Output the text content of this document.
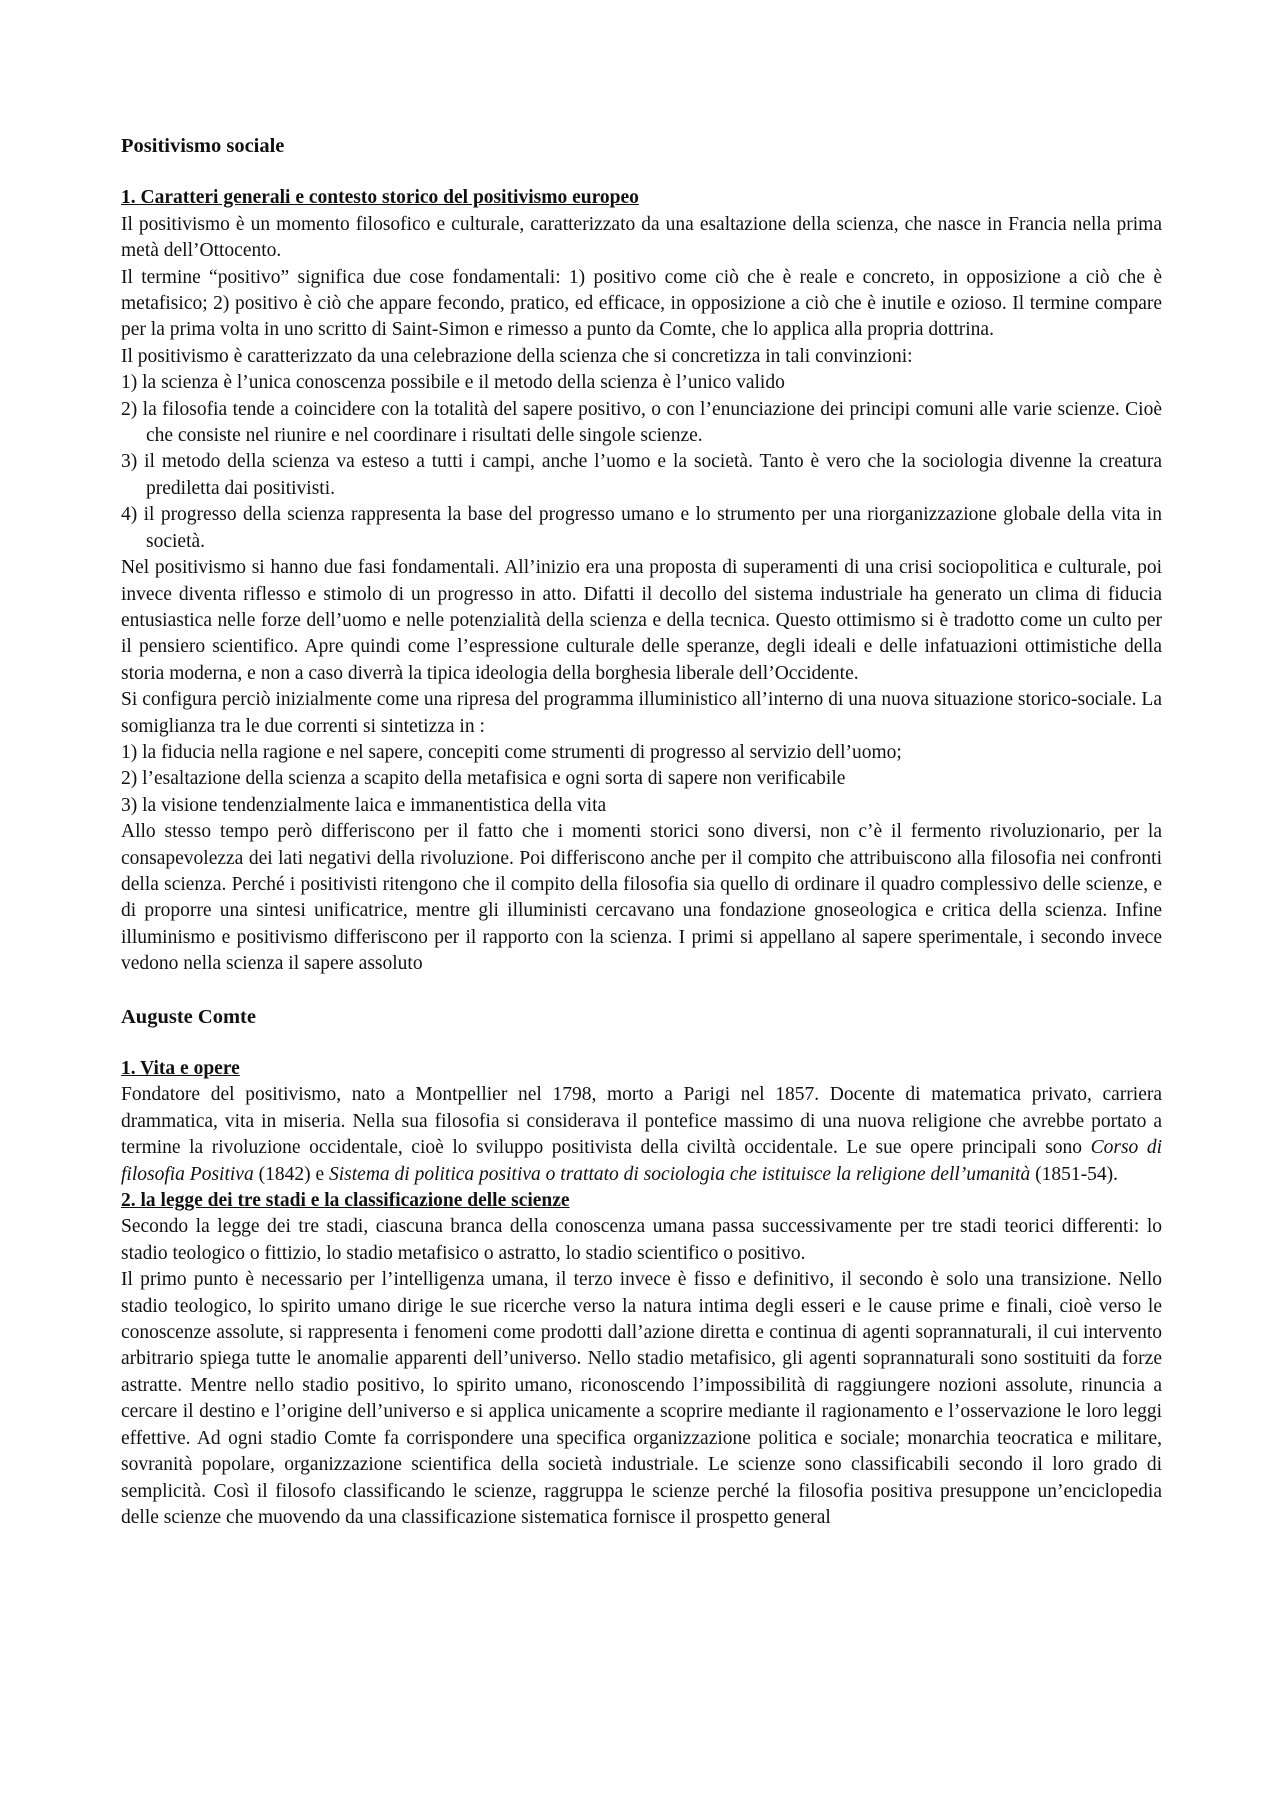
Positivismo sociale
1. Caratteri generali e contesto storico del positivismo europeo

Il positivismo è un momento filosofico e culturale, caratterizzato da una esaltazione della scienza, che nasce in Francia nella prima metà dell’Ottocento.

Il termine “positivo” significa due cose fondamentali: 1) positivo come ciò che è reale e concreto, in opposizione a ciò che è metafisico; 2) positivo è ciò che appare fecondo, pratico, ed efficace, in opposizione a ciò che è inutile e ozioso. Il termine compare per la prima volta in uno scritto di Saint-Simon e rimesso a punto da Comte, che lo applica alla propria dottrina.

Il positivismo è caratterizzato da una celebrazione della scienza che si concretizza in tali convinzioni:

1) la scienza è l’unica conoscenza possibile e il metodo della scienza è l’unico valido

2) la filosofia tende a coincidere con la totalità del sapere positivo, o con l’enunciazione dei principi comuni alle varie scienze. Cioè che consiste nel riunire e nel coordinare i risultati delle singole scienze.

3) il metodo della scienza va esteso a tutti i campi, anche l’uomo e la società. Tanto è vero che la sociologia divenne la creatura prediletta dai positivisti.

4) il progresso della scienza rappresenta la base del progresso umano e lo strumento per una riorganizzazione globale della vita in società.

Nel positivismo si hanno due fasi fondamentali. All’inizio era una proposta di superamenti di una crisi sociopolitica e culturale, poi invece diventa riflesso e stimolo di un progresso in atto. Difatti il decollo del sistema industriale ha generato un clima di fiducia entusiastica nelle forze dell’uomo e nelle potenzialità della scienza e della tecnica. Questo ottimismo si è tradotto come un culto per il pensiero scientifico. Apre quindi come l’espressione culturale delle speranze, degli ideali e delle infatuazioni ottimistiche della storia moderna, e non a caso diverrà la tipica ideologia della borghesia liberale dell’Occidente.

Si configura perciò inizialmente come una ripresa del programma illuministico all’interno di una nuova situazione storico-sociale. La somiglianza tra le due correnti si sintetizza in :

1) la fiducia nella ragione e nel sapere, concepiti come strumenti di progresso al servizio dell’uomo;

2) l’esaltazione della scienza a scapito della metafisica e ogni sorta di sapere non verificabile

3) la visione tendenzialmente laica e immanentistica della vita

Allo stesso tempo però differiscono per il fatto che i momenti storici sono diversi, non c’è il fermento rivoluzionario, per la consapevolezza dei lati negativi della rivoluzione. Poi differiscono anche per il compito che attribuiscono alla filosofia nei confronti della scienza. Perché i positivisti ritengono che il compito della filosofia sia quello di ordinare il quadro complessivo delle scienze, e di proporre una sintesi unificatrice, mentre gli illuministi cercavano una fondazione gnoseologica e critica della scienza. Infine illuminismo e positivismo differiscono per il rapporto con la scienza. I primi si appellano al sapere sperimentale, i secondo invece vedono nella scienza il sapere assoluto

Auguste Comte
1. Vita e opere

Fondatore del positivismo, nato a Montpellier nel 1798, morto a Parigi nel 1857. Docente di matematica privato, carriera drammatica, vita in miseria. Nella sua filosofia si considerava il pontefice massimo di una nuova religione che avrebbe portato a termine la rivoluzione occidentale, cioè lo sviluppo positivista della civiltà occidentale. Le sue opere principali sono Corso di filosofia Positiva (1842) e Sistema di politica positiva o trattato di sociologia che istituisce la religione dell’umanità (1851-54).

2. la legge dei tre stadi e la classificazione delle scienze

Secondo la legge dei tre stadi, ciascuna branca della conoscenza umana passa successivamente per tre stadi teorici differenti: lo stadio teologico o fittizio, lo stadio metafisico o astratto, lo stadio scientifico o positivo.

Il primo punto è necessario per l’intelligenza umana, il terzo invece è fisso e definitivo, il secondo è solo una transizione. Nello stadio teologico, lo spirito umano dirige le sue ricerche verso la natura intima degli esseri e le cause prime e finali, cioè verso le conoscenze assolute, si rappresenta i fenomeni come prodotti dall’azione diretta e continua di agenti soprannaturali, il cui intervento arbitrario spiega tutte le anomalie apparenti dell’universo. Nello stadio metafisico, gli agenti soprannaturali sono sostituiti da forze astratte. Mentre nello stadio positivo, lo spirito umano, riconoscendo l’impossibilità di raggiungere nozioni assolute, rinuncia a cercare il destino e l’origine dell’universo e si applica unicamente a scoprire mediante il ragionamento e l’osservazione le loro leggi effettive. Ad ogni stadio Comte fa corrispondere una specifica organizzazione politica e sociale; monarchia teocratica e militare, sovranità popolare, organizzazione scientifica della società industriale. Le scienze sono classificabili secondo il loro grado di semplicità. Così il filosofo classificando le scienze, raggruppa le scienze perché la filosofia positiva presuppone un’enciclopedia delle scienze che muovendo da una classificazione sistematica fornisce il prospetto general
